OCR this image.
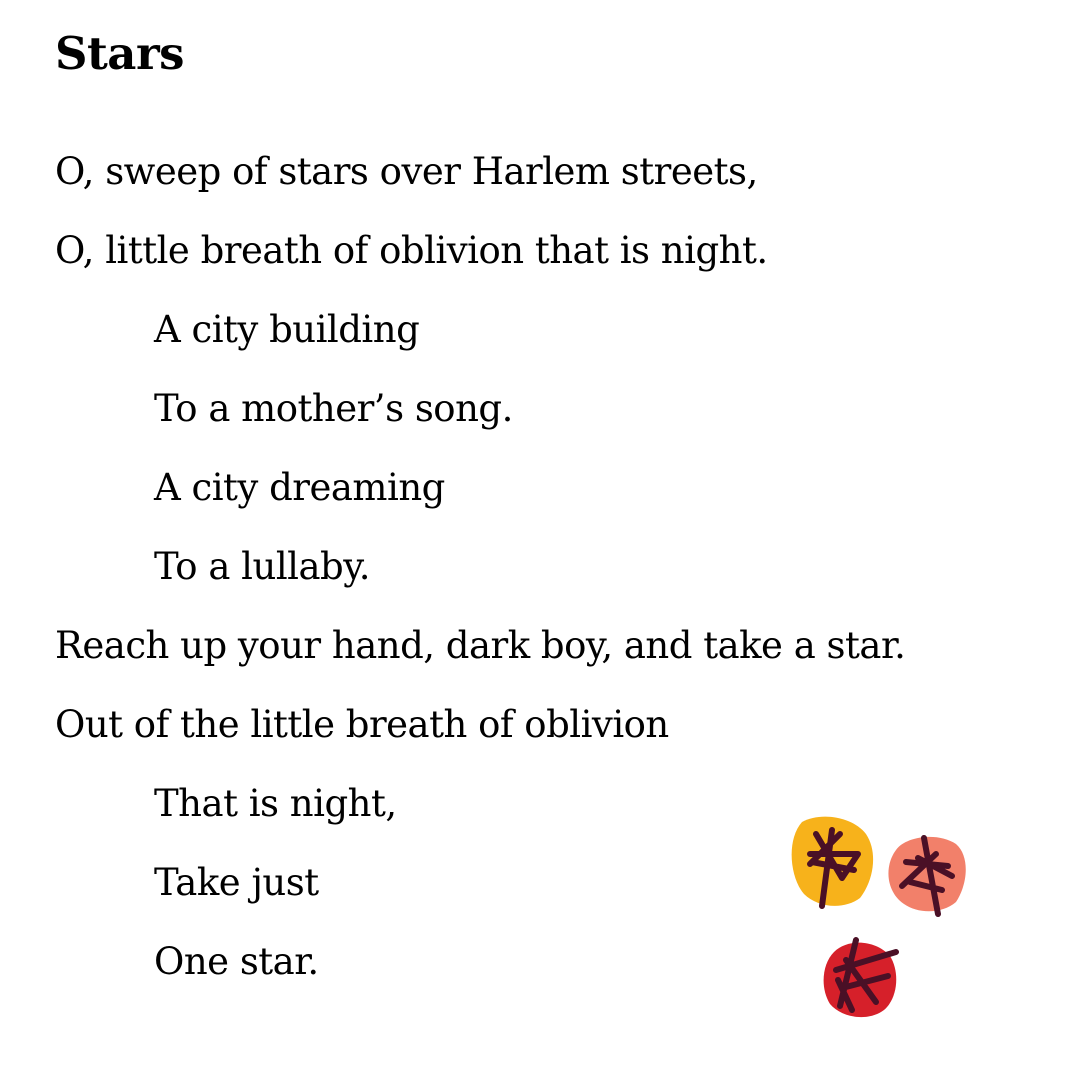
Stars
O, sweep of stars over Harlem streets,
O, little breath of oblivion that is night.
A city building
To a mother’s song.
A city dreaming
To a lullaby.
Reach up your hand, dark boy, and take a star.
Out of the little breath of oblivion
That is night,
Take just
One star.
